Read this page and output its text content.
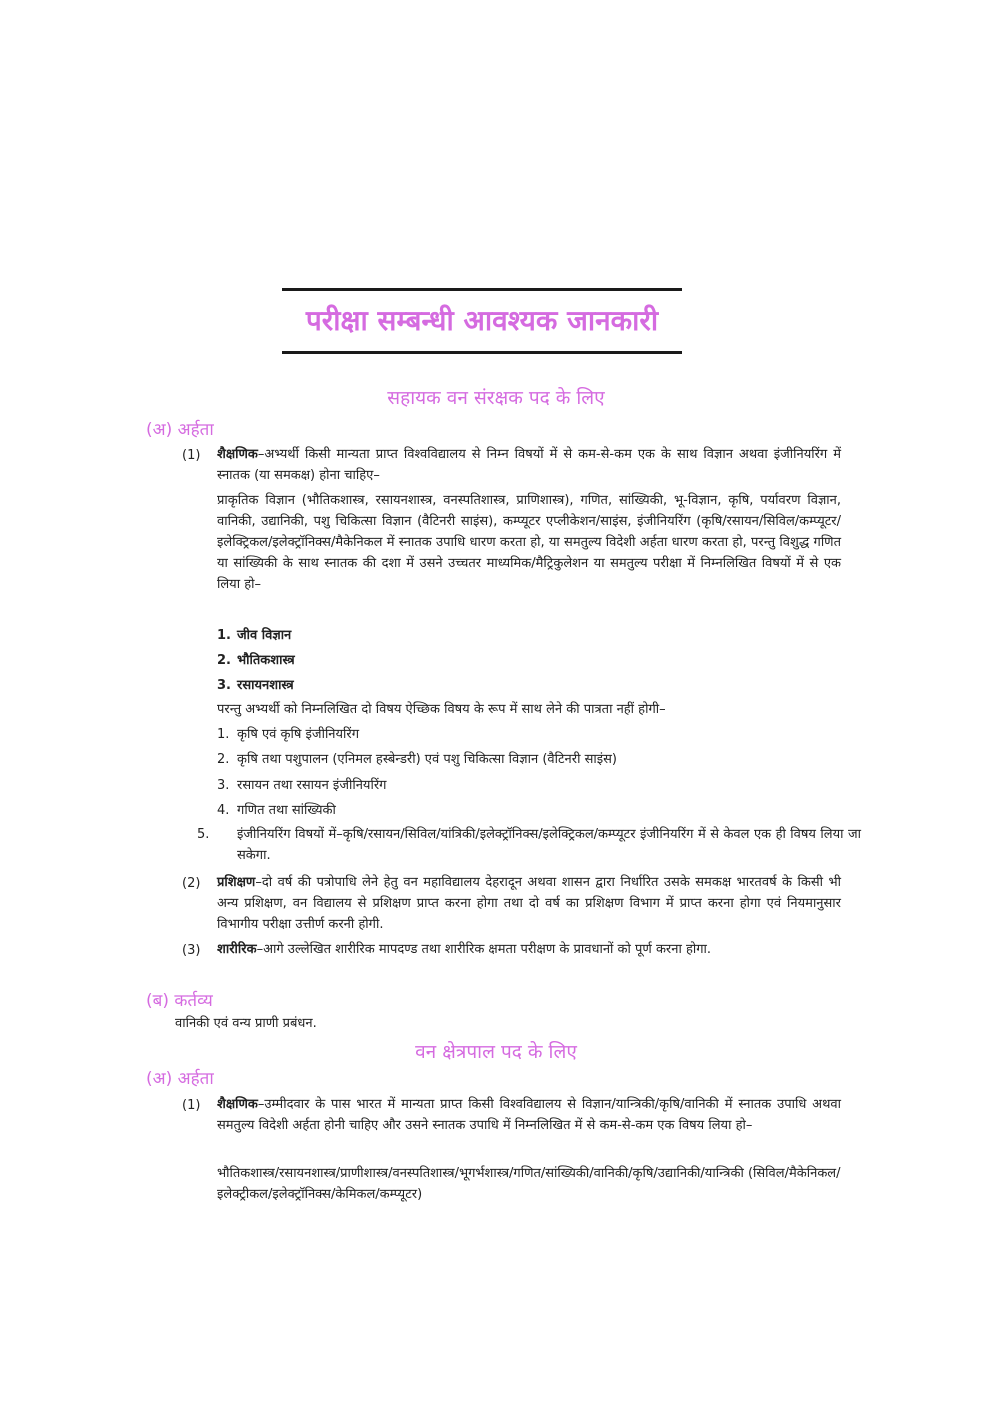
परीक्षा सम्बन्धी आवश्यक जानकारी
सहायक वन संरक्षक पद के लिए
(अ) अर्हता
(1) शैक्षणिक–अभ्यर्थी किसी मान्यता प्राप्त विश्वविद्यालय से निम्न विषयों में से कम-से-कम एक के साथ विज्ञान अथवा इंजीनियरिंग में स्नातक (या समकक्ष) होना चाहिए–
प्राकृतिक विज्ञान (भौतिकशास्त्र, रसायनशास्त्र, वनस्पतिशास्त्र, प्राणिशास्त्र), गणित, सांख्यिकी, भू-विज्ञान, कृषि, पर्यावरण विज्ञान, वानिकी, उद्यानिकी, पशु चिकित्सा विज्ञान (वैटिनरी साइंस), कम्प्यूटर एप्लीकेशन/साइंस, इंजीनियरिंग (कृषि/रसायन/सिविल/कम्प्यूटर/इलेक्ट्रिकल/इलेक्ट्रॉनिक्स/मैकेनिकल में स्नातक उपाधि धारण करता हो, या समतुल्य विदेशी अर्हता धारण करता हो, परन्तु विशुद्ध गणित या सांख्यिकी के साथ स्नातक की दशा में उसने उच्चतर माध्यमिक/मैट्रिकुलेशन या समतुल्य परीक्षा में निम्नलिखित विषयों में से एक लिया हो–
1. जीव विज्ञान
2. भौतिकशास्त्र
3. रसायनशास्त्र
परन्तु अभ्यर्थी को निम्नलिखित दो विषय ऐच्छिक विषय के रूप में साथ लेने की पात्रता नहीं होगी–
1. कृषि एवं कृषि इंजीनियरिंग
2. कृषि तथा पशुपालन (एनिमल हस्बेन्डरी) एवं पशु चिकित्सा विज्ञान (वैटिनरी साइंस)
3. रसायन तथा रसायन इंजीनियरिंग
4. गणित तथा सांख्यिकी
5. इंजीनियरिंग विषयों में–कृषि/रसायन/सिविल/यांत्रिकी/इलेक्ट्रॉनिक्स/इलेक्ट्रिकल/कम्प्यूटर इंजीनियरिंग में से केवल एक ही विषय लिया जा सकेगा.
(2) प्रशिक्षण–दो वर्ष की पत्रोपाधि लेने हेतु वन महाविद्यालय देहरादून अथवा शासन द्वारा निर्धारित उसके समकक्ष भारतवर्ष के किसी भी अन्य प्रशिक्षण, वन विद्यालय से प्रशिक्षण प्राप्त करना होगा तथा दो वर्ष का प्रशिक्षण विभाग में प्राप्त करना होगा एवं नियमानुसार विभागीय परीक्षा उत्तीर्ण करनी होगी.
(3) शारीरिक–आगे उल्लेखित शारीरिक मापदण्ड तथा शारीरिक क्षमता परीक्षण के प्रावधानों को पूर्ण करना होगा.
(ब) कर्तव्य
वानिकी एवं वन्य प्राणी प्रबंधन.
वन क्षेत्रपाल पद के लिए
(अ) अर्हता
(1) शैक्षणिक–उम्मीदवार के पास भारत में मान्यता प्राप्त किसी विश्वविद्यालय से विज्ञान/यान्त्रिकी/कृषि/वानिकी में स्नातक उपाधि अथवा समतुल्य विदेशी अर्हता होनी चाहिए और उसने स्नातक उपाधि में निम्नलिखित में से कम-से-कम एक विषय लिया हो–
भौतिकशास्त्र/रसायनशास्त्र/प्राणीशास्त्र/वनस्पतिशास्त्र/भूगर्भशास्त्र/गणित/सांख्यिकी/वानिकी/कृषि/उद्यानिकी/यान्त्रिकी (सिविल/मैकेनिकल/इलेक्ट्रीकल/इलेक्ट्रॉनिक्स/केमिकल/कम्प्यूटर)
